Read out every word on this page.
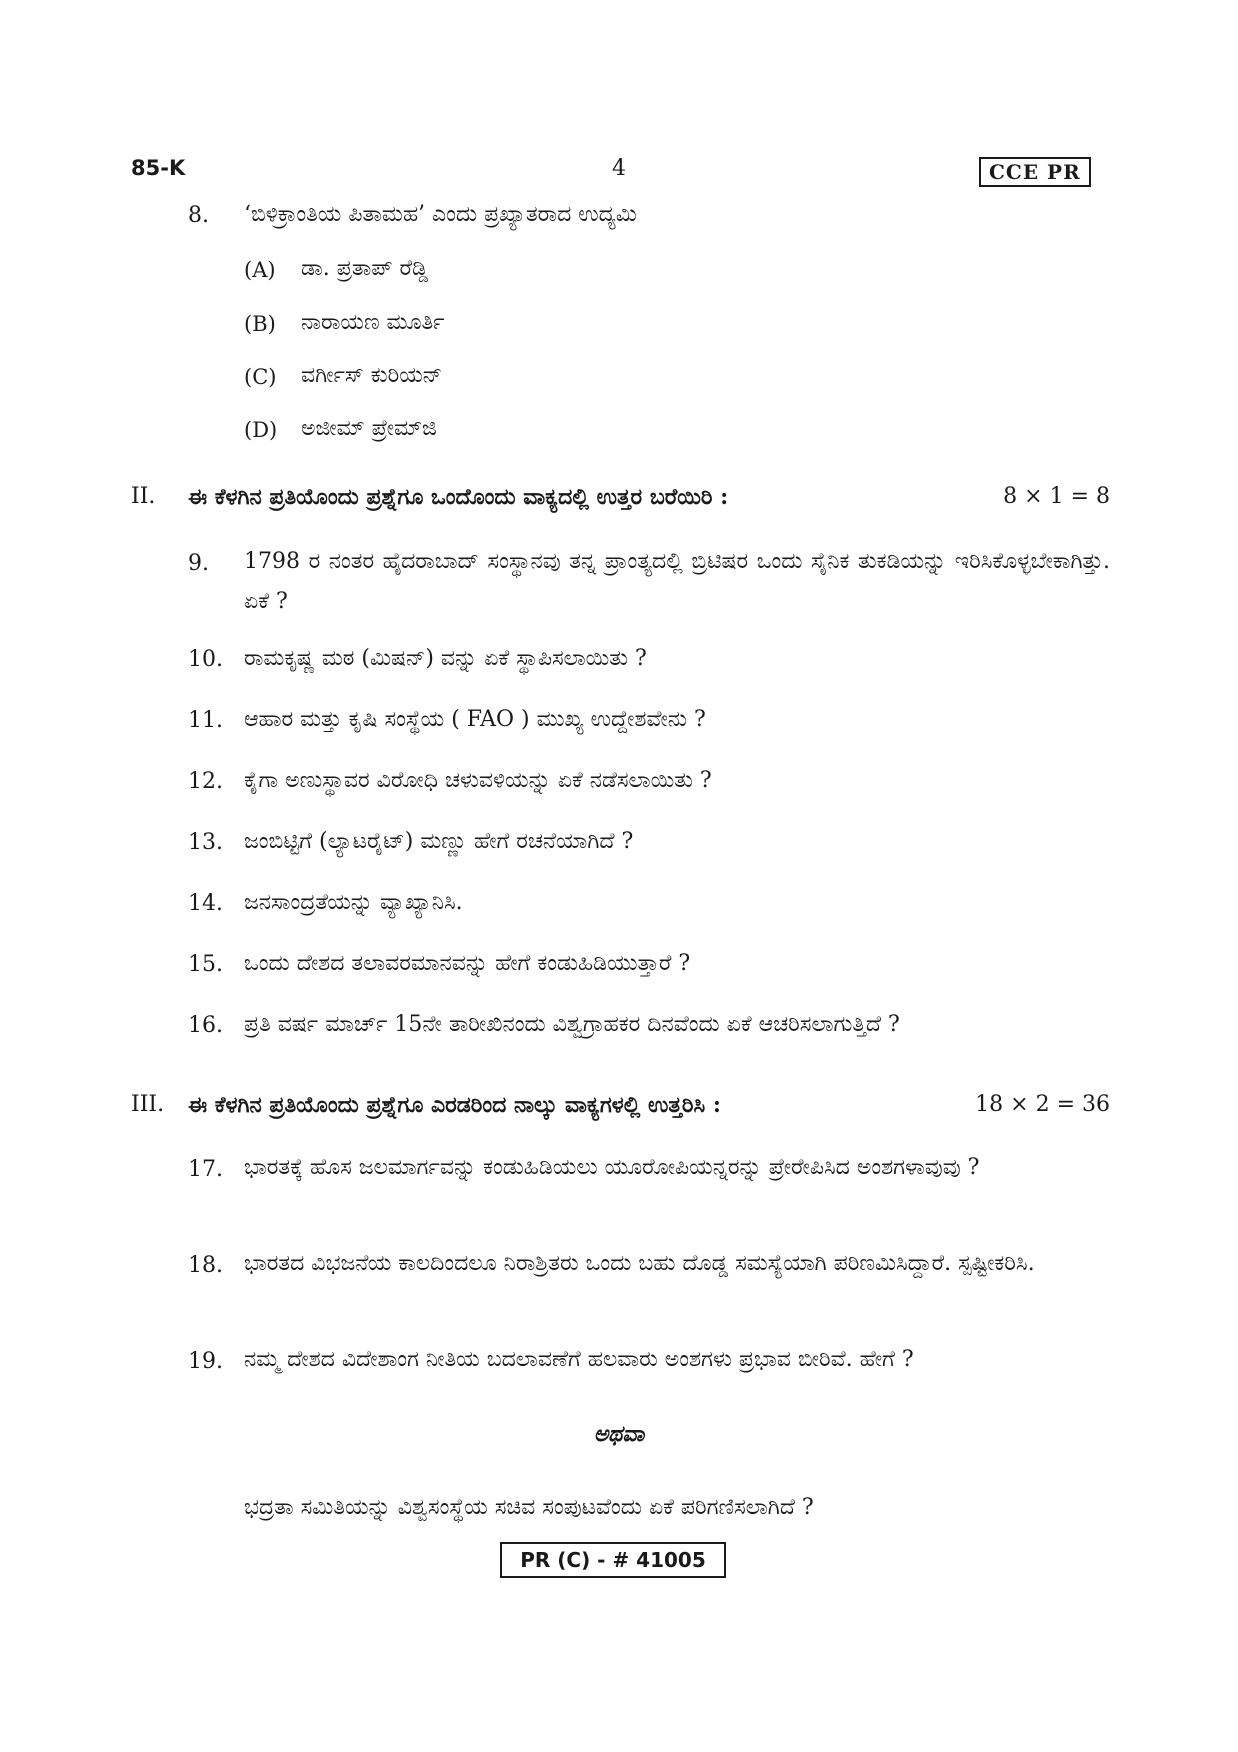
85-K	4	CCE PR
8. ‘ಬಿಳಿಕ್ರಾಂತಿಯ ಪಿತಾಮಹ’ ಎಂದು ಪ್ರಖ್ಯಾತರಾದ ಉದ್ಯಮಿ
(A) ಡಾ. ಪ್ರತಾಪ್ ರೆಡ್ಡಿ
(B) ನಾರಾಯಣ ಮೂರ್ತಿ
(C) ವರ್ಗೀಸ್ ಕುರಿಯನ್
(D) ಅಜೀಮ್ ಪ್ರೇಮ್‌ಜಿ
II. ಈ ಕೆಳಗಿನ ಪ್ರತಿಯೊಂದು ಪ್ರಶ್ನೆಗೂ ಒಂದೊಂದು ವಾಕ್ಯದಲ್ಲಿ ಉತ್ತರ ಬರೆಯಿರಿ :	8 × 1 = 8
9. 1798 ರ ನಂತರ ಹೈದರಾಬಾದ್ ಸಂಸ್ಥಾನವು ತನ್ನ ಪ್ರಾಂತ್ಯದಲ್ಲಿ ಬ್ರಿಟಿಷರ ಒಂದು ಸೈನಿಕ ತುಕಡಿಯನ್ನು ಇರಿಸಿಕೊಳ್ಳಬೇಕಾಗಿತ್ತು. ಏಕೆ ?
10. ರಾಮಕೃಷ್ಣ ಮಠ (ಮಿಷನ್) ವನ್ನು ಏಕೆ ಸ್ಥಾಪಿಸಲಾಯಿತು ?
11. ಆಹಾರ ಮತ್ತು ಕೃಷಿ ಸಂಸ್ಥೆಯ ( FAO ) ಮುಖ್ಯ ಉದ್ದೇಶವೇನು ?
12. ಕೈಗಾ ಅಣುಸ್ಥಾವರ ವಿರೋಧಿ ಚಳುವಳಿಯನ್ನು ಏಕೆ ನಡೆಸಲಾಯಿತು ?
13. ಜಂಬಿಟ್ಟಿಗೆ (ಲ್ಯಾಟರೈಟ್) ಮಣ್ಣು ಹೇಗೆ ರಚನೆಯಾಗಿದೆ ?
14. ಜನಸಾಂದ್ರತೆಯನ್ನು ವ್ಯಾಖ್ಯಾನಿಸಿ.
15. ಒಂದು ದೇಶದ ತಲಾವರಮಾನವನ್ನು ಹೇಗೆ ಕಂಡುಹಿಡಿಯುತ್ತಾರೆ ?
16. ಪ್ರತಿ ವರ್ಷ ಮಾರ್ಚ್ 15ನೇ ತಾರೀಖಿನಂದು ವಿಶ್ವಗ್ರಾಹಕರ ದಿನವೆಂದು ಏಕೆ ಆಚರಿಸಲಾಗುತ್ತಿದೆ ?
III. ಈ ಕೆಳಗಿನ ಪ್ರತಿಯೊಂದು ಪ್ರಶ್ನೆಗೂ ಎರಡರಿಂದ ನಾಲ್ಕು ವಾಕ್ಯಗಳಲ್ಲಿ ಉತ್ತರಿಸಿ :	18 × 2 = 36
17. ಭಾರತಕ್ಕೆ ಹೊಸ ಜಲಮಾರ್ಗವನ್ನು ಕಂಡುಹಿಡಿಯಲು ಯೂರೋಪಿಯನ್ನರನ್ನು ಪ್ರೇರೇಪಿಸಿದ ಅಂಶಗಳಾವುವು ?
18. ಭಾರತದ ವಿಭಜನೆಯ ಕಾಲದಿಂದಲೂ ನಿರಾಶ್ರಿತರು ಒಂದು ಬಹು ದೊಡ್ಡ ಸಮಸ್ಯೆಯಾಗಿ ಪರಿಣಮಿಸಿದ್ದಾರೆ. ಸ್ಪಷ್ಟೀಕರಿಸಿ.
19. ನಮ್ಮ ದೇಶದ ವಿದೇಶಾಂಗ ನೀತಿಯ ಬದಲಾವಣೆಗೆ ಹಲವಾರು ಅಂಶಗಳು ಪ್ರಭಾವ ಬೀರಿವೆ. ಹೇಗೆ ?
ಅಥವಾ
ಭದ್ರತಾ ಸಮಿತಿಯನ್ನು ವಿಶ್ವಸಂಸ್ಥೆಯ ಸಚಿವ ಸಂಪುಟವೆಂದು ಏಕೆ ಪರಿಗಣಿಸಲಾಗಿದೆ ?
PR (C) - # 41005
